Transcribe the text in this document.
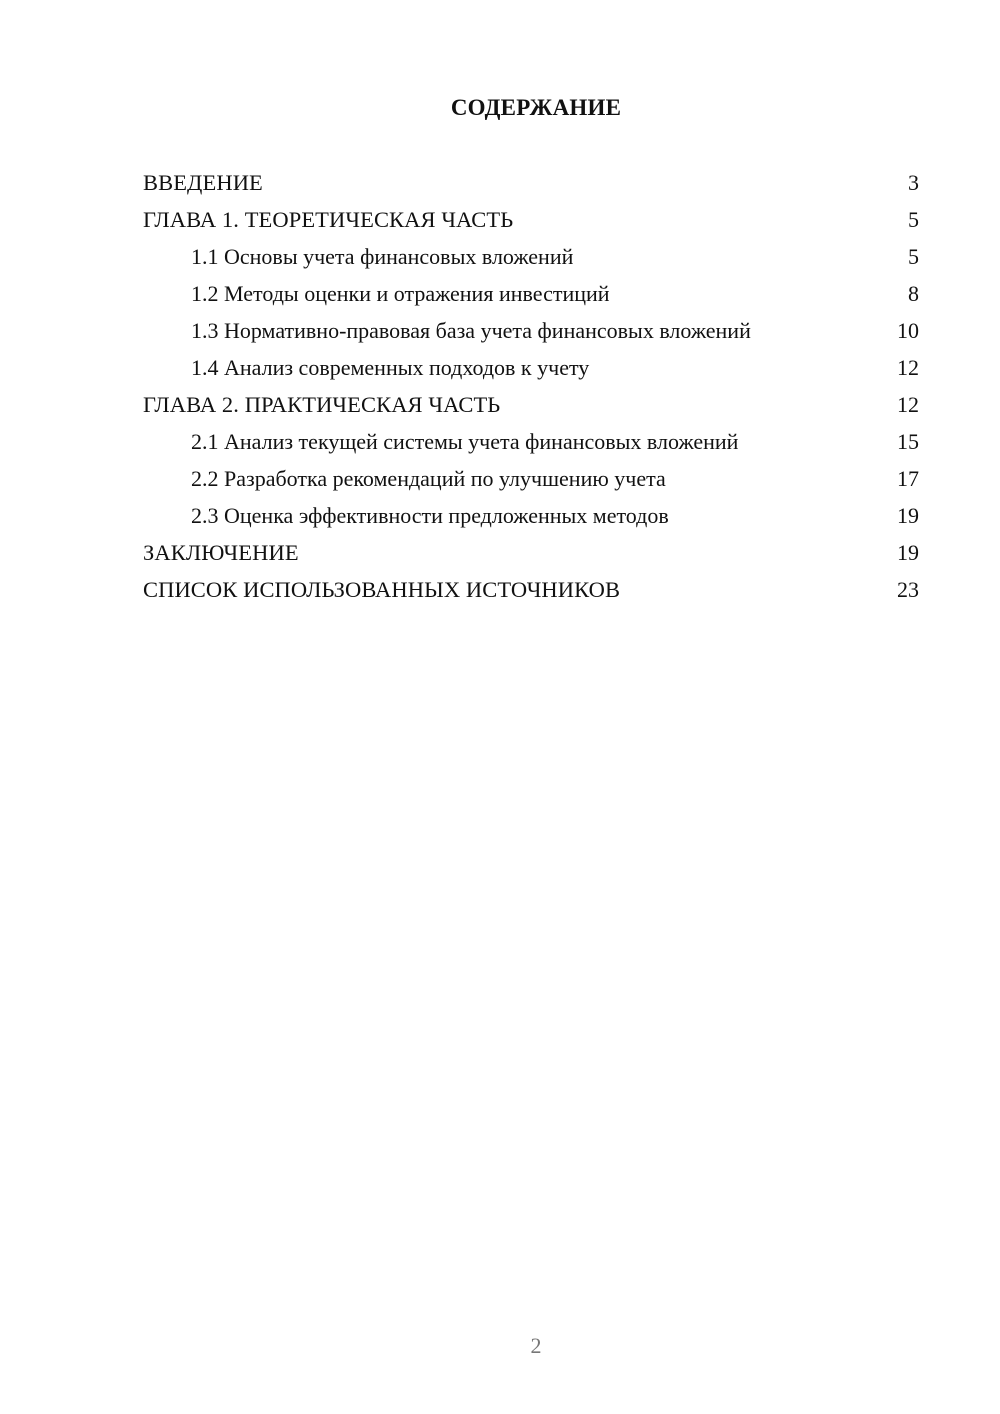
СОДЕРЖАНИЕ
ВВЕДЕНИЕ	3
ГЛАВА 1. ТЕОРЕТИЧЕСКАЯ ЧАСТЬ	5
1.1 Основы учета финансовых вложений	5
1.2 Методы оценки и отражения инвестиций	8
1.3 Нормативно-правовая база учета финансовых вложений	10
1.4 Анализ современных подходов к учету	12
ГЛАВА 2. ПРАКТИЧЕСКАЯ ЧАСТЬ	12
2.1 Анализ текущей системы учета финансовых вложений	15
2.2 Разработка рекомендаций по улучшению учета	17
2.3 Оценка эффективности предложенных методов	19
ЗАКЛЮЧЕНИЕ	19
СПИСОК ИСПОЛЬЗОВАННЫХ ИСТОЧНИКОВ	23
2
